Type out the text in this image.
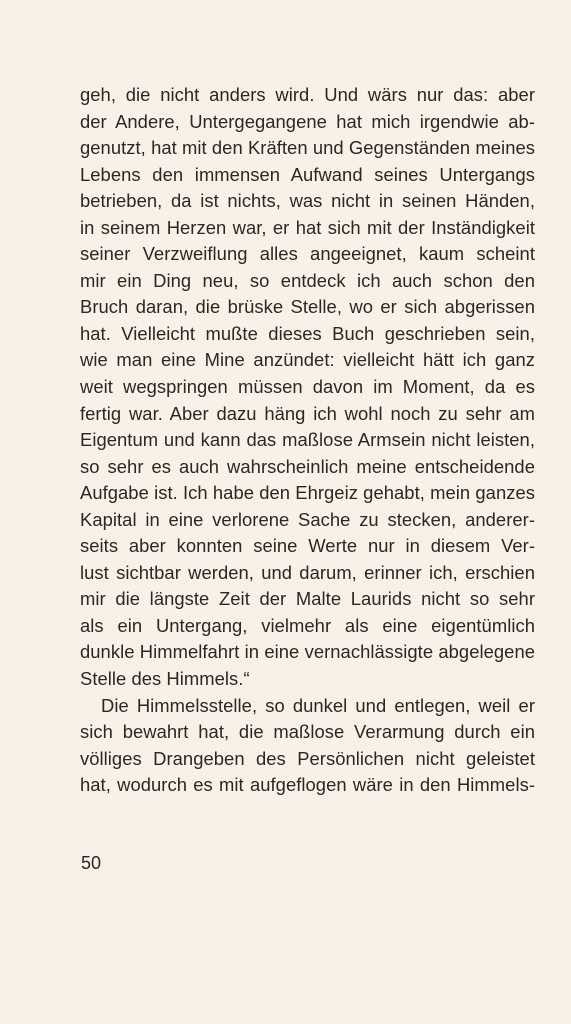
geh, die nicht anders wird. Und wärs nur das: aber
der Andere, Untergegangene hat mich irgendwie ab-
genutzt, hat mit den Kräften und Gegenständen meines
Lebens den immensen Aufwand seines Untergangs
betrieben, da ist nichts, was nicht in seinen Händen,
in seinem Herzen war, er hat sich mit der Inständigkeit
seiner Verzweiflung alles angeeignet, kaum scheint
mir ein Ding neu, so entdeck ich auch schon den
Bruch daran, die brüske Stelle, wo er sich abgerissen
hat. Vielleicht mußte dieses Buch geschrieben sein,
wie man eine Mine anzündet: vielleicht hätt ich ganz
weit wegspringen müssen davon im Moment, da es
fertig war. Aber dazu häng ich wohl noch zu sehr am
Eigentum und kann das maßlose Armsein nicht leisten,
so sehr es auch wahrscheinlich meine entscheidende
Aufgabe ist. Ich habe den Ehrgeiz gehabt, mein ganzes
Kapital in eine verlorene Sache zu stecken, anderer-
seits aber konnten seine Werte nur in diesem Ver-
lust sichtbar werden, und darum, erinner ich, erschien
mir die längste Zeit der Malte Laurids nicht so sehr
als ein Untergang, vielmehr als eine eigentümlich
dunkle Himmelfahrt in eine vernachlässigte abgelegene
Stelle des Himmels.“
Die Himmelsstelle, so dunkel und entlegen, weil er
sich bewahrt hat, die maßlose Verarmung durch ein
völliges Drangeben des Persönlichen nicht geleistet
hat, wodurch es mit aufgeflogen wäre in den Himmels-
50
